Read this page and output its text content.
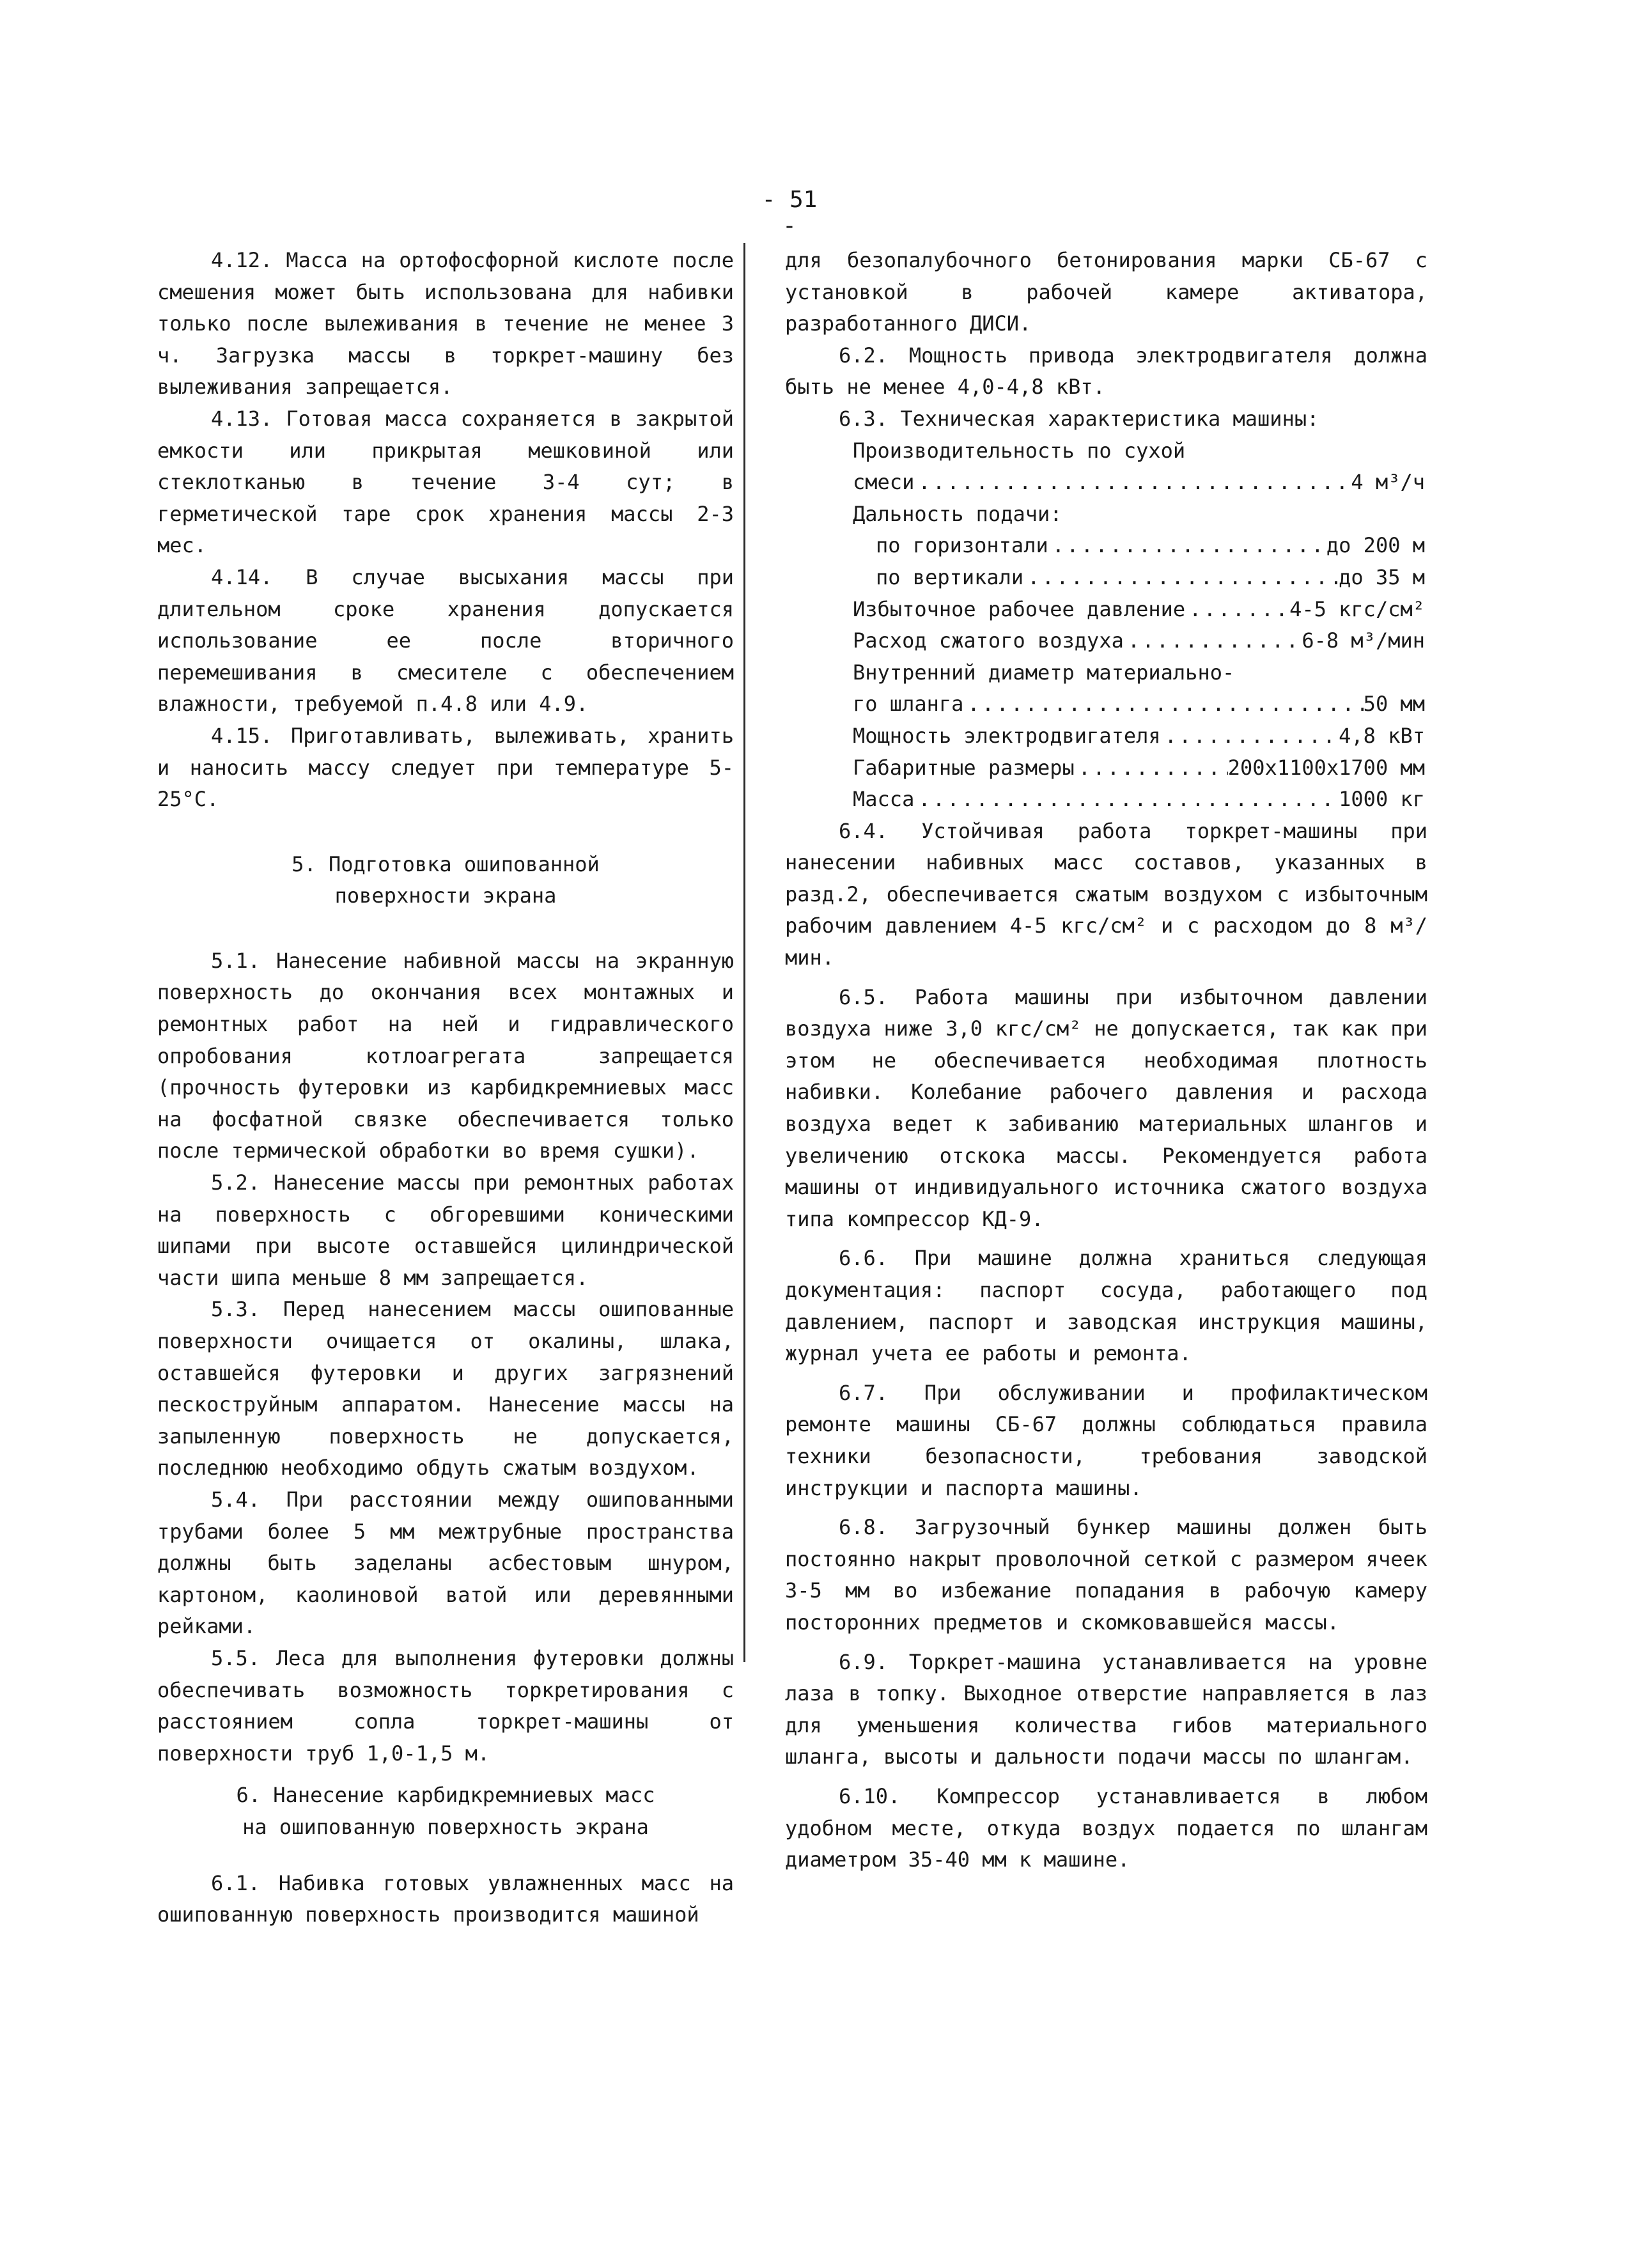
- 51 -

4.12. Масса на ортофосфорной кислоте после смешения может быть использована для набивки только после вылеживания в течение не менее 3 ч. Загрузка массы в торкрет-машину без вылеживания запрещается.

4.13. Готовая масса сохраняется в закрытой емкости или прикрытая мешковиной или стеклотканью в течение 3-4 сут; в герметической таре срок хранения массы 2-3 мес.

4.14. В случае высыхания массы при длительном сроке хранения допускается использование ее после вторичного перемешивания в смесителе с обеспечением влажности, требуемой п.4.8 или 4.9.

4.15. Приготавливать, вылеживать, хранить и наносить массу следует при температуре 5-25°С.

5. Подготовка ошипованной

поверхности экрана

5.1. Нанесение набивной массы на экранную поверхность до окончания всех монтажных и ремонтных работ на ней и гидравлического опробования котлоагрегата запрещается (прочность футеровки из карбидкремниевых масс на фосфатной связке обеспечивается только после термической обработки во время сушки).

5.2. Нанесение массы при ремонтных работах на поверхность с обгоревшими коническими шипами при высоте оставшейся цилиндрической части шипа меньше 8 мм запрещается.

5.3. Перед нанесением массы ошипованные поверхности очищается от окалины, шлака, оставшейся футеровки и других загрязнений пескоструйным аппаратом. Нанесение массы на запыленную поверхность не допускается, последнюю необходимо обдуть сжатым воздухом.

5.4. При расстоянии между ошипованными трубами более 5 мм межтрубные пространства должны быть заделаны асбестовым шнуром, картоном, каолиновой ватой или деревянными рейками.

5.5. Леса для выполнения футеровки должны обеспечивать возможность торкретирования с расстоянием сопла торкрет-машины от поверхности труб 1,0-1,5 м.

6. Нанесение карбидкремниевых масс

на ошипованную поверхность экрана

6.1. Набивка готовых увлажненных масс на ошипованную поверхность производится машиной

для безопалубочного бетонирования марки СБ-67 с установкой в рабочей камере активатора, разработанного ДИСИ.

6.2. Мощность привода электродвигателя должна быть не менее 4,0-4,8 кВт.

6.3. Техническая характеристика машины:

Производительность по сухой
смеси . . .	4 м³/ч
Дальность подачи:
по горизонтали . . .	до 200 м
по вертикали . . .	до 35 м
Избыточное рабочее давление . . .	4-5 кгс/см²
Расход сжатого воздуха . . .	6-8 м³/мин
Внутренний диаметр материально-
го шланга . . .	50 мм
Мощность электродвигателя . . .	4,8 кВт
Габаритные размеры . . .	200х1100х1700 мм
Масса . . .	1000 кг

6.4. Устойчивая работа торкрет-машины при нанесении набивных масс составов, указанных в разд.2, обеспечивается сжатым воздухом с избыточным рабочим давлением 4-5 кгс/см² и с расходом до 8 м³/мин.

6.5. Работа машины при избыточном давлении воздуха ниже 3,0 кгс/см² не допускается, так как при этом не обеспечивается необходимая плотность набивки. Колебание рабочего давления и расхода воздуха ведет к забиванию материальных шлангов и увеличению отскока массы. Рекомендуется работа машины от индивидуального источника сжатого воздуха типа компрессор КД-9.

6.6. При машине должна храниться следующая документация: паспорт сосуда, работающего под давлением, паспорт и заводская инструкция машины, журнал учета ее работы и ремонта.

6.7. При обслуживании и профилактическом ремонте машины СБ-67 должны соблюдаться правила техники безопасности, требования заводской инструкции и паспорта машины.

6.8. Загрузочный бункер машины должен быть постоянно накрыт проволочной сеткой с размером ячеек 3-5 мм во избежание попадания в рабочую камеру посторонних предметов и скомковавшейся массы.

6.9. Торкрет-машина устанавливается на уровне лаза в топку. Выходное отверстие направляется в лаз для уменьшения количества гибов материального шланга, высоты и дальности подачи массы по шлангам.

6.10. Компрессор устанавливается в любом удобном месте, откуда воздух подается по шлангам диаметром 35-40 мм к машине.
